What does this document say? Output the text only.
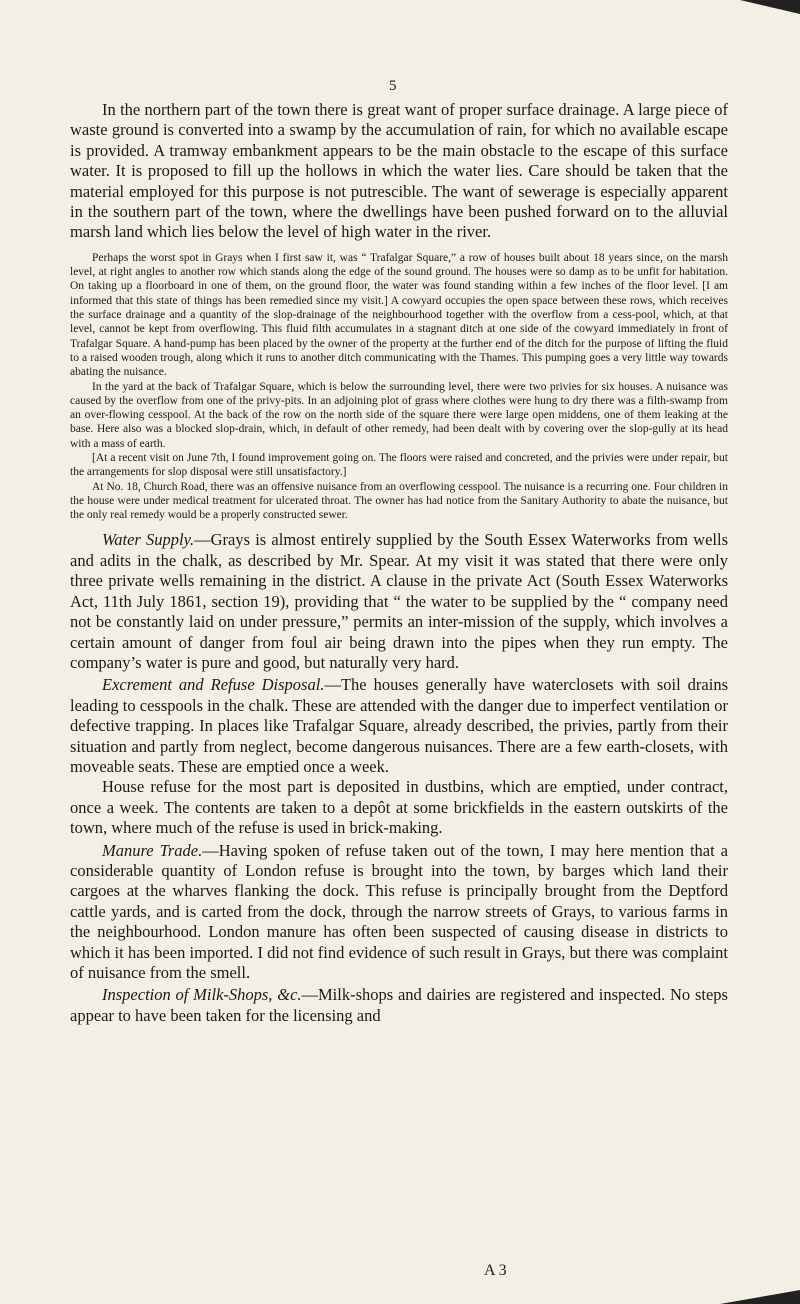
5

In the northern part of the town there is great want of proper surface drainage. A large piece of waste ground is converted into a swamp by the accumulation of rain, for which no available escape is provided. A tramway embankment appears to be the main obstacle to the escape of this surface water. It is proposed to fill up the hollows in which the water lies. Care should be taken that the material employed for this purpose is not putrescible. The want of sewerage is especially apparent in the southern part of the town, where the dwellings have been pushed forward on to the alluvial marsh land which lies below the level of high water in the river.

Perhaps the worst spot in Grays when I first saw it, was “ Trafalgar Square,” a row of houses built about 18 years since, on the marsh level, at right angles to another row which stands along the edge of the sound ground. The houses were so damp as to be unfit for habitation. On taking up a floorboard in one of them, on the ground floor, the water was found standing within a few inches of the floor level. [I am informed that this state of things has been remedied since my visit.] A cowyard occupies the open space between these rows, which receives the surface drainage and a quantity of the slop-drainage of the neighbourhood together with the overflow from a cess-pool, which, at that level, cannot be kept from overflowing. This fluid filth accumulates in a stagnant ditch at one side of the cowyard immediately in front of Trafalgar Square. A hand-pump has been placed by the owner of the property at the further end of the ditch for the purpose of lifting the fluid to a raised wooden trough, along which it runs to another ditch communicating with the Thames. This pumping goes a very little way towards abating the nuisance.

In the yard at the back of Trafalgar Square, which is below the surrounding level, there were two privies for six houses. A nuisance was caused by the overflow from one of the privy-pits. In an adjoining plot of grass where clothes were hung to dry there was a filth-swamp from an over-flowing cesspool. At the back of the row on the north side of the square there were large open middens, one of them leaking at the base. Here also was a blocked slop-drain, which, in default of other remedy, had been dealt with by covering over the slop-gully at its head with a mass of earth.

[At a recent visit on June 7th, I found improvement going on. The floors were raised and concreted, and the privies were under repair, but the arrangements for slop disposal were still unsatisfactory.]

At No. 18, Church Road, there was an offensive nuisance from an overflowing cesspool. The nuisance is a recurring one. Four children in the house were under medical treatment for ulcerated throat. The owner has had notice from the Sanitary Authority to abate the nuisance, but the only real remedy would be a properly constructed sewer.

Water Supply.—Grays is almost entirely supplied by the South Essex Waterworks from wells and adits in the chalk, as described by Mr. Spear. At my visit it was stated that there were only three private wells remaining in the district. A clause in the private Act (South Essex Waterworks Act, 11th July 1861, section 19), providing that “ the water to be supplied by the “ company need not be constantly laid on under pressure,” permits an inter-mission of the supply, which involves a certain amount of danger from foul air being drawn into the pipes when they run empty. The company’s water is pure and good, but naturally very hard.

Excrement and Refuse Disposal.—The houses generally have waterclosets with soil drains leading to cesspools in the chalk. These are attended with the danger due to imperfect ventilation or defective trapping. In places like Trafalgar Square, already described, the privies, partly from their situation and partly from neglect, become dangerous nuisances. There are a few earth-closets, with moveable seats. These are emptied once a week.

House refuse for the most part is deposited in dustbins, which are emptied, under contract, once a week. The contents are taken to a depôt at some brickfields in the eastern outskirts of the town, where much of the refuse is used in brick-making.

Manure Trade.—Having spoken of refuse taken out of the town, I may here mention that a considerable quantity of London refuse is brought into the town, by barges which land their cargoes at the wharves flanking the dock. This refuse is principally brought from the Deptford cattle yards, and is carted from the dock, through the narrow streets of Grays, to various farms in the neighbourhood. London manure has often been suspected of causing disease in districts to which it has been imported. I did not find evidence of such result in Grays, but there was complaint of nuisance from the smell.

Inspection of Milk-Shops, &c.—Milk-shops and dairies are registered and inspected. No steps appear to have been taken for the licensing and

A 3
